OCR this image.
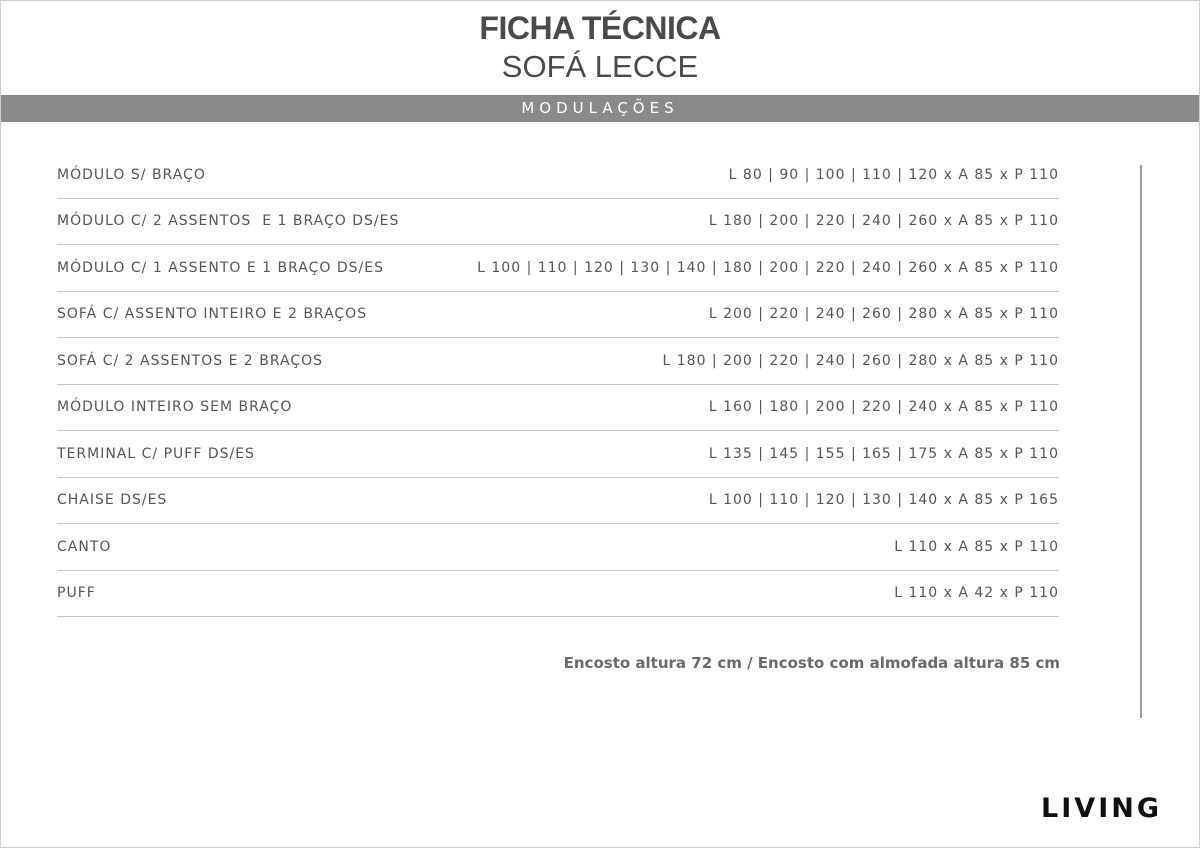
FICHA TÉCNICA
SOFÁ LECCE
MODULAÇÕES
MÓDULO S/ BRAÇO	L 80 | 90 | 100 | 110 | 120 x A 85 x P 110
MÓDULO C/ 2 ASSENTOS  E 1 BRAÇO DS/ES	L 180 | 200 | 220 | 240 | 260 x A 85 x P 110
MÓDULO C/ 1 ASSENTO E 1 BRAÇO DS/ES	L 100 | 110 | 120 | 130 | 140 | 180 | 200 | 220 | 240 | 260 x A 85 x P 110
SOFÁ C/ ASSENTO INTEIRO E 2 BRAÇOS	L 200 | 220 | 240 | 260 | 280 x A 85 x P 110
SOFÁ C/ 2 ASSENTOS E 2 BRAÇOS	L 180 | 200 | 220 | 240 | 260 | 280 x A 85 x P 110
MÓDULO INTEIRO SEM BRAÇO	L 160 | 180 | 200 | 220 | 240 x A 85 x P 110
TERMINAL C/ PUFF DS/ES	L 135 | 145 | 155 | 165 | 175 x A 85 x P 110
CHAISE DS/ES	L 100 | 110 | 120 | 130 | 140 x A 85 x P 165
CANTO	L 110 x A 85 x P 110
PUFF	L 110 x A 42 x P 110
Encosto altura 72 cm / Encosto com almofada altura 85 cm
LIVING
